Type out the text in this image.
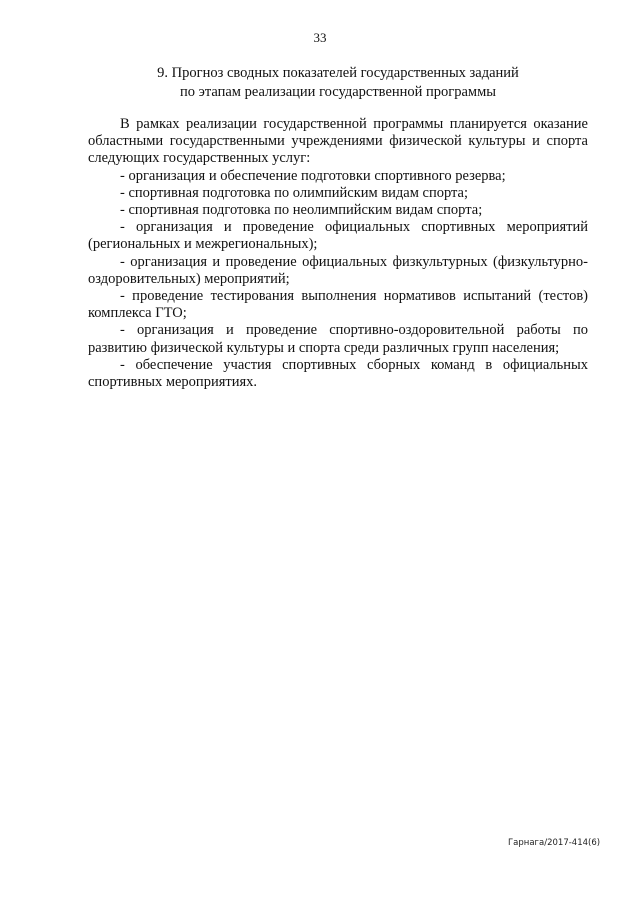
33
9. Прогноз сводных показателей государственных заданий
по этапам реализации государственной программы

В рамках реализации государственной программы планируется оказание областными государственными учреждениями физической культуры и спорта следующих государственных услуг:

- организация и обеспечение подготовки спортивного резерва;

- спортивная подготовка по олимпийским видам спорта;

- спортивная подготовка по неолимпийским видам спорта;

- организация и проведение официальных спортивных мероприятий (региональных и межрегиональных);

- организация и проведение официальных физкультурных (физкультурно-оздоровительных) мероприятий;

- проведение тестирования выполнения нормативов испытаний (тестов) комплекса ГТО;

- организация и проведение спортивно-оздоровительной работы по развитию физической культуры и спорта среди различных групп населения;

- обеспечение участия спортивных сборных команд в официальных спортивных мероприятиях.

Гарнага/2017-414(6)
